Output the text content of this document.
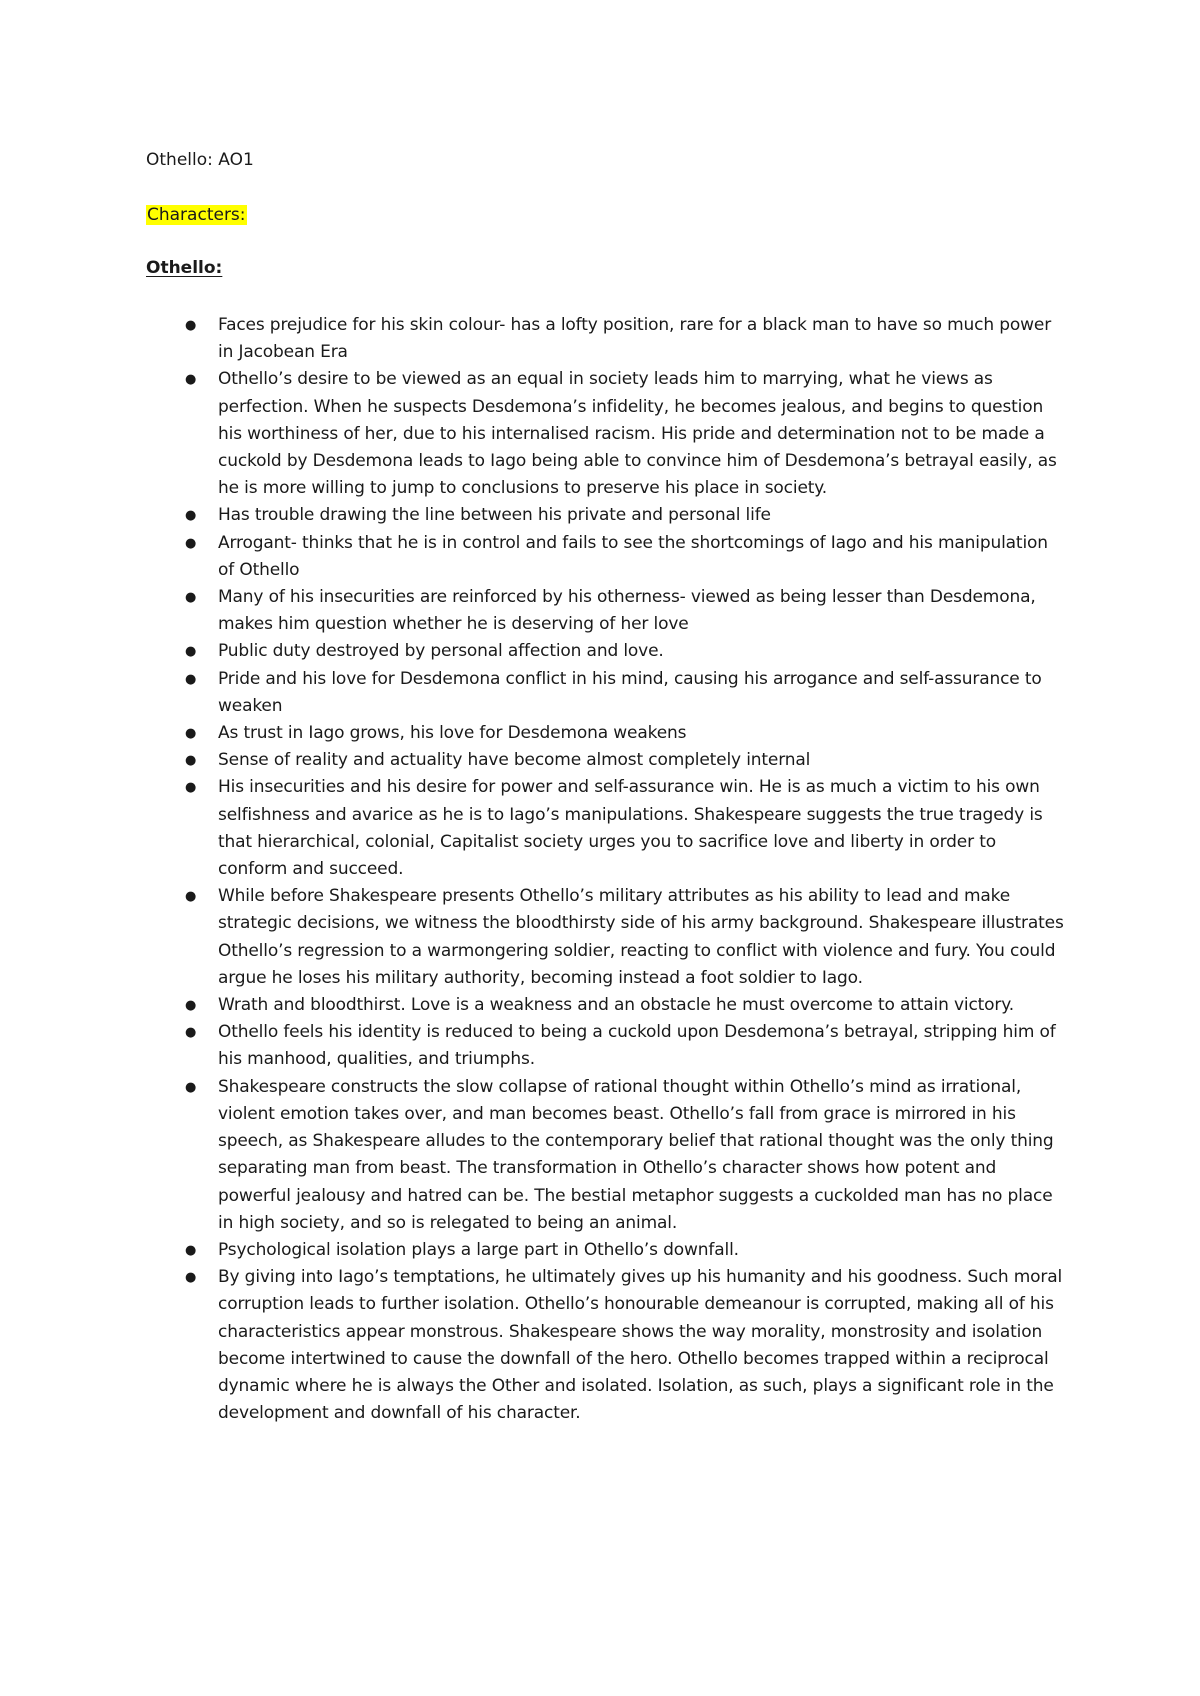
Othello: AO1

Characters:

Othello:

● Faces prejudice for his skin colour- has a lofty position, rare for a black man to have so much power in Jacobean Era
● Othello’s desire to be viewed as an equal in society leads him to marrying, what he views as perfection. When he suspects Desdemona’s infidelity, he becomes jealous, and begins to question his worthiness of her, due to his internalised racism. His pride and determination not to be made a cuckold by Desdemona leads to Iago being able to convince him of Desdemona’s betrayal easily, as he is more willing to jump to conclusions to preserve his place in society.
● Has trouble drawing the line between his private and personal life
● Arrogant- thinks that he is in control and fails to see the shortcomings of Iago and his manipulation of Othello
● Many of his insecurities are reinforced by his otherness- viewed as being lesser than Desdemona, makes him question whether he is deserving of her love
● Public duty destroyed by personal affection and love.
● Pride and his love for Desdemona conflict in his mind, causing his arrogance and self-assurance to weaken
● As trust in Iago grows, his love for Desdemona weakens
● Sense of reality and actuality have become almost completely internal
● His insecurities and his desire for power and self-assurance win. He is as much a victim to his own selfishness and avarice as he is to Iago’s manipulations. Shakespeare suggests the true tragedy is that hierarchical, colonial, Capitalist society urges you to sacrifice love and liberty in order to conform and succeed.
● While before Shakespeare presents Othello’s military attributes as his ability to lead and make strategic decisions, we witness the bloodthirsty side of his army background. Shakespeare illustrates Othello’s regression to a warmongering soldier, reacting to conflict with violence and fury. You could argue he loses his military authority, becoming instead a foot soldier to Iago.
● Wrath and bloodthirst. Love is a weakness and an obstacle he must overcome to attain victory.
● Othello feels his identity is reduced to being a cuckold upon Desdemona’s betrayal, stripping him of his manhood, qualities, and triumphs.
● Shakespeare constructs the slow collapse of rational thought within Othello’s mind as irrational, violent emotion takes over, and man becomes beast. Othello’s fall from grace is mirrored in his speech, as Shakespeare alludes to the contemporary belief that rational thought was the only thing separating man from beast. The transformation in Othello’s character shows how potent and powerful jealousy and hatred can be. The bestial metaphor suggests a cuckolded man has no place in high society, and so is relegated to being an animal.
● Psychological isolation plays a large part in Othello’s downfall.
● By giving into Iago’s temptations, he ultimately gives up his humanity and his goodness. Such moral corruption leads to further isolation. Othello’s honourable demeanour is corrupted, making all of his characteristics appear monstrous. Shakespeare shows the way morality, monstrosity and isolation become intertwined to cause the downfall of the hero. Othello becomes trapped within a reciprocal dynamic where he is always the Other and isolated. Isolation, as such, plays a significant role in the development and downfall of his character.
